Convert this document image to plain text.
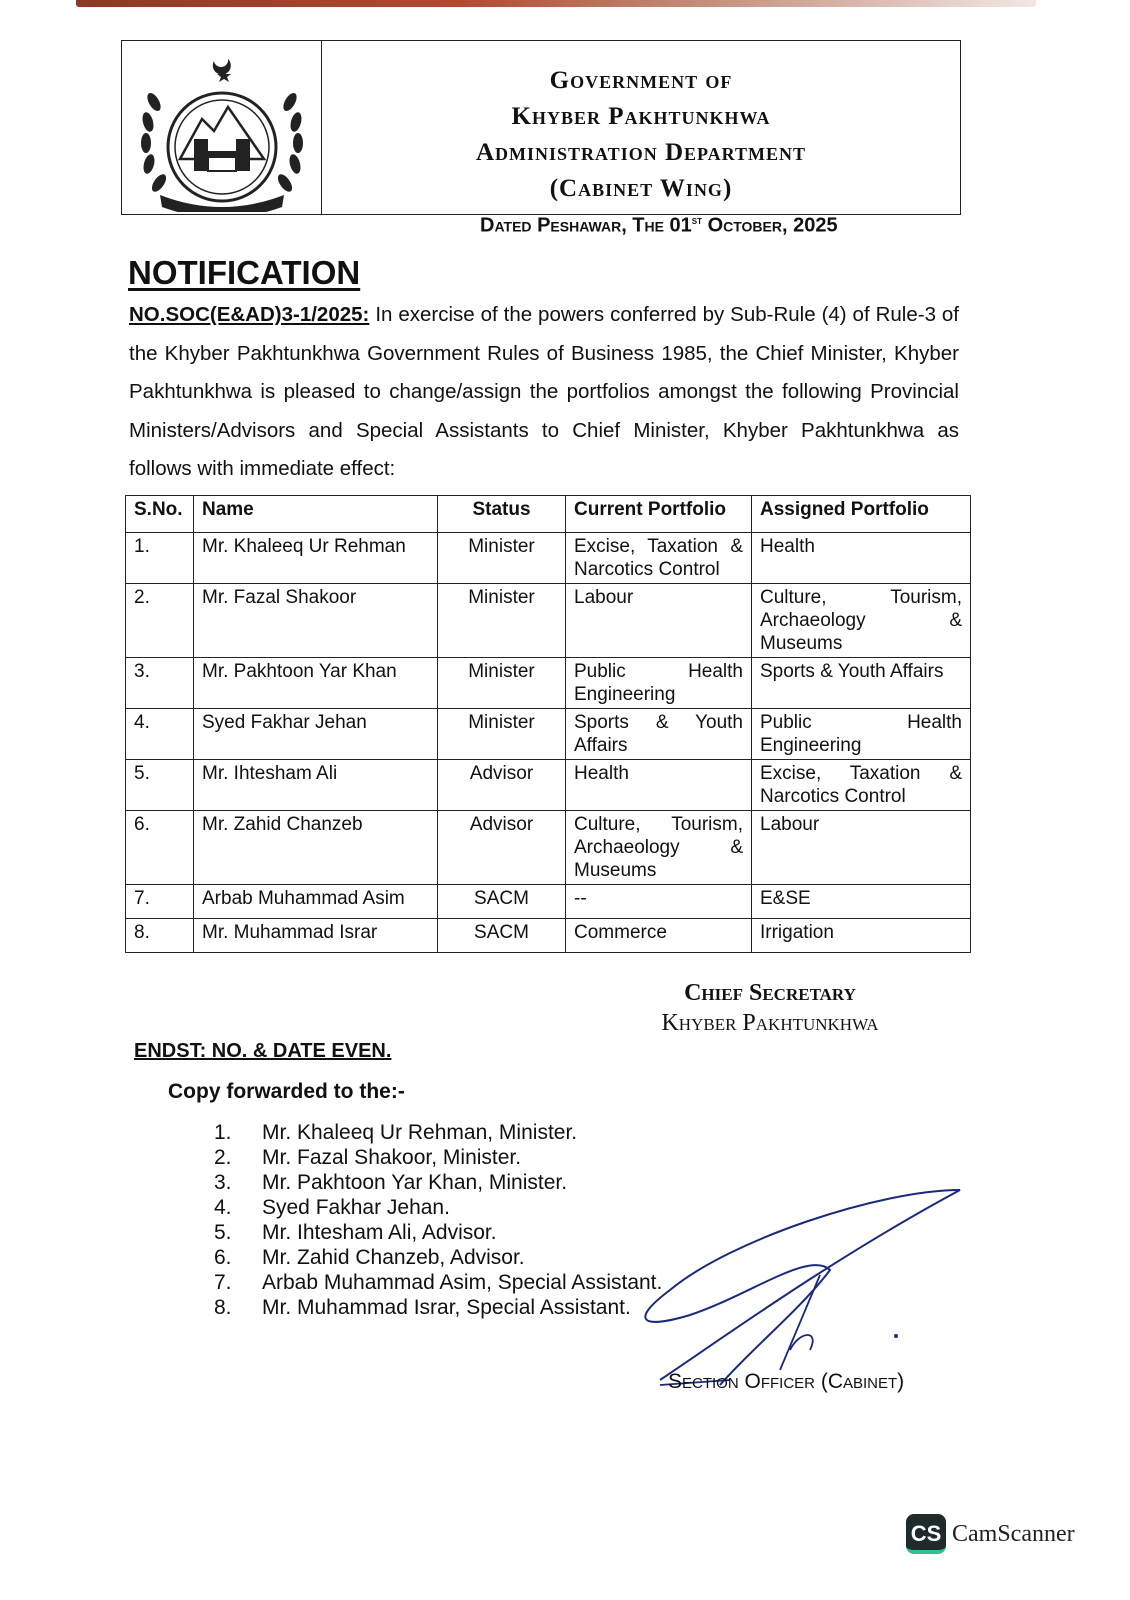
Government of
Khyber Pakhtunkhwa
Administration Department
(Cabinet Wing)
Dated Peshawar, The 01st October, 2025
NOTIFICATION
NO.SOC(E&AD)3-1/2025: In exercise of the powers conferred by Sub-Rule (4) of Rule-3 of the Khyber Pakhtunkhwa Government Rules of Business 1985, the Chief Minister, Khyber Pakhtunkhwa is pleased to change/assign the portfolios amongst the following Provincial Ministers/Advisors and Special Assistants to Chief Minister, Khyber Pakhtunkhwa as follows with immediate effect:
S.No.	Name	Status	Current Portfolio	Assigned Portfolio
1.	Mr. Khaleeq Ur Rehman	Minister	Excise, Taxation & Narcotics Control	Health
2.	Mr. Fazal Shakoor	Minister	Labour	Culture, Tourism, Archaeology & Museums
3.	Mr. Pakhtoon Yar Khan	Minister	Public Health Engineering	Sports & Youth Affairs
4.	Syed Fakhar Jehan	Minister	Sports & Youth Affairs	Public Health Engineering
5.	Mr. Ihtesham Ali	Advisor	Health	Excise, Taxation & Narcotics Control
6.	Mr. Zahid Chanzeb	Advisor	Culture, Tourism, Archaeology & Museums	Labour
7.	Arbab Muhammad Asim	SACM	--	E&SE
8.	Mr. Muhammad Israr	SACM	Commerce	Irrigation
Chief Secretary
Khyber Pakhtunkhwa
ENDST: NO. & DATE EVEN.
Copy forwarded to the:-
1. Mr. Khaleeq Ur Rehman, Minister.
2. Mr. Fazal Shakoor, Minister.
3. Mr. Pakhtoon Yar Khan, Minister.
4. Syed Fakhar Jehan.
5. Mr. Ihtesham Ali, Advisor.
6. Mr. Zahid Chanzeb, Advisor.
7. Arbab Muhammad Asim, Special Assistant.
8. Mr. Muhammad Israr, Special Assistant.
Section Officer (Cabinet)
CS CamScanner
